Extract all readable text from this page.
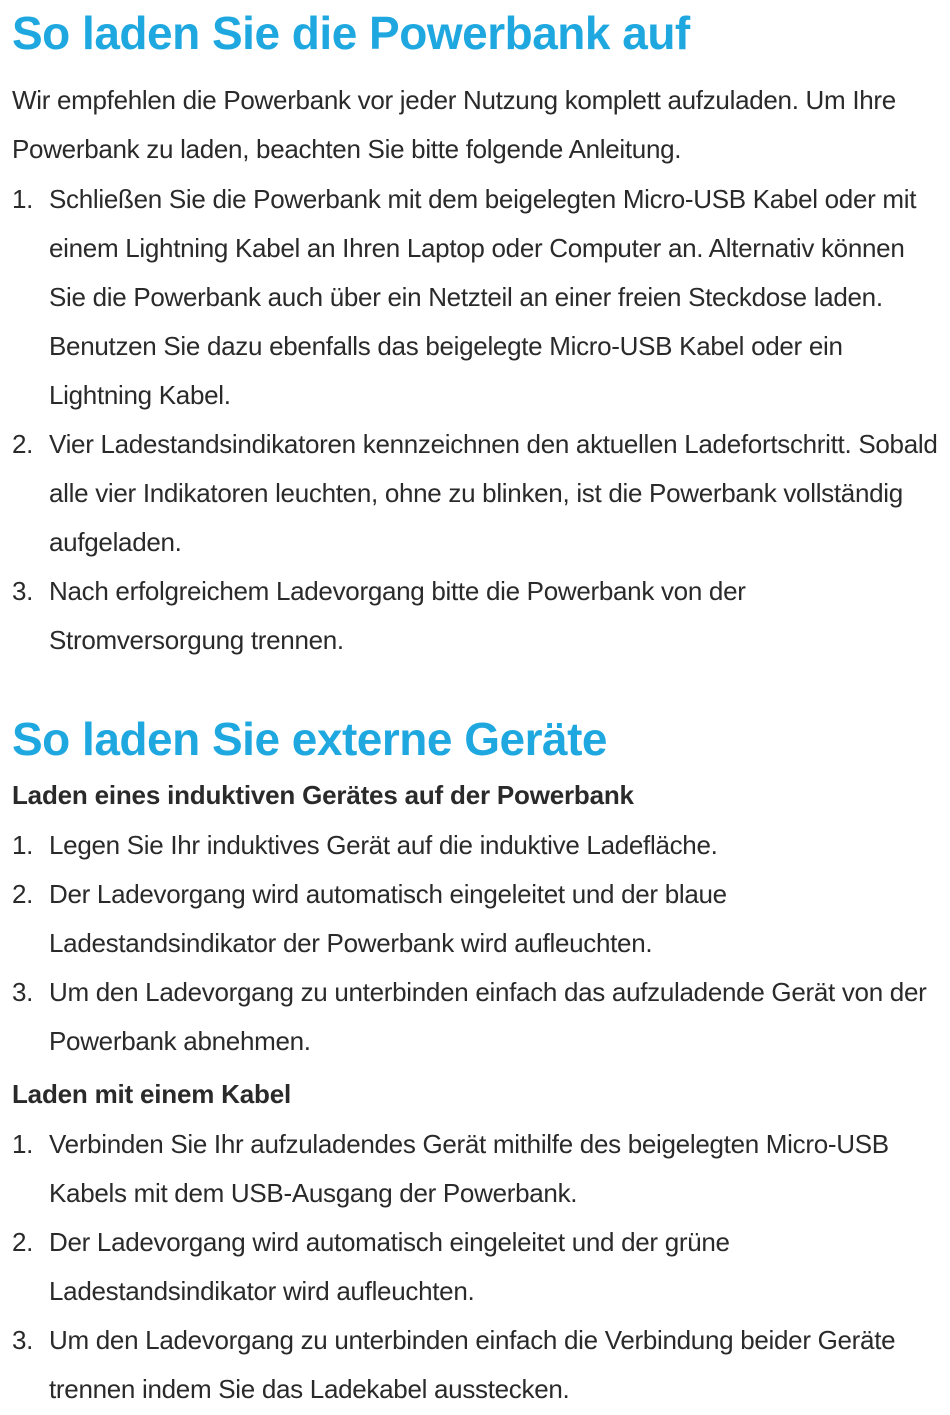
So laden Sie die Powerbank auf

Wir empfehlen die Powerbank vor jeder Nutzung komplett aufzuladen. Um Ihre Powerbank zu laden, beachten Sie bitte folgende Anleitung.

1. Schließen Sie die Powerbank mit dem beigelegten Micro-USB Kabel oder mit einem Lightning Kabel an Ihren Laptop oder Computer an. Alternativ können Sie die Powerbank auch über ein Netzteil an einer freien Steckdose laden. Benutzen Sie dazu ebenfalls das beigelegte Micro-USB Kabel oder ein Lightning Kabel.
2. Vier Ladestandsindikatoren kennzeichnen den aktuellen Ladefortschritt. Sobald alle vier Indikatoren leuchten, ohne zu blinken, ist die Powerbank vollständig aufgeladen.
3. Nach erfolgreichem Ladevorgang bitte die Powerbank von der Stromversorgung trennen.
So laden Sie externe Geräte
Laden eines induktiven Gerätes auf der Powerbank
1. Legen Sie Ihr induktives Gerät auf die induktive Ladefläche.
2. Der Ladevorgang wird automatisch eingeleitet und der blaue Ladestandsindikator der Powerbank wird aufleuchten.
3. Um den Ladevorgang zu unterbinden einfach das aufzuladende Gerät von der Powerbank abnehmen.
Laden mit einem Kabel
1. Verbinden Sie Ihr aufzuladendes Gerät mithilfe des beigelegten Micro-USB Kabels mit dem USB-Ausgang der Powerbank.
2. Der Ladevorgang wird automatisch eingeleitet und der grüne Ladestandsindikator wird aufleuchten.
3. Um den Ladevorgang zu unterbinden einfach die Verbindung beider Geräte trennen indem Sie das Ladekabel ausstecken.
